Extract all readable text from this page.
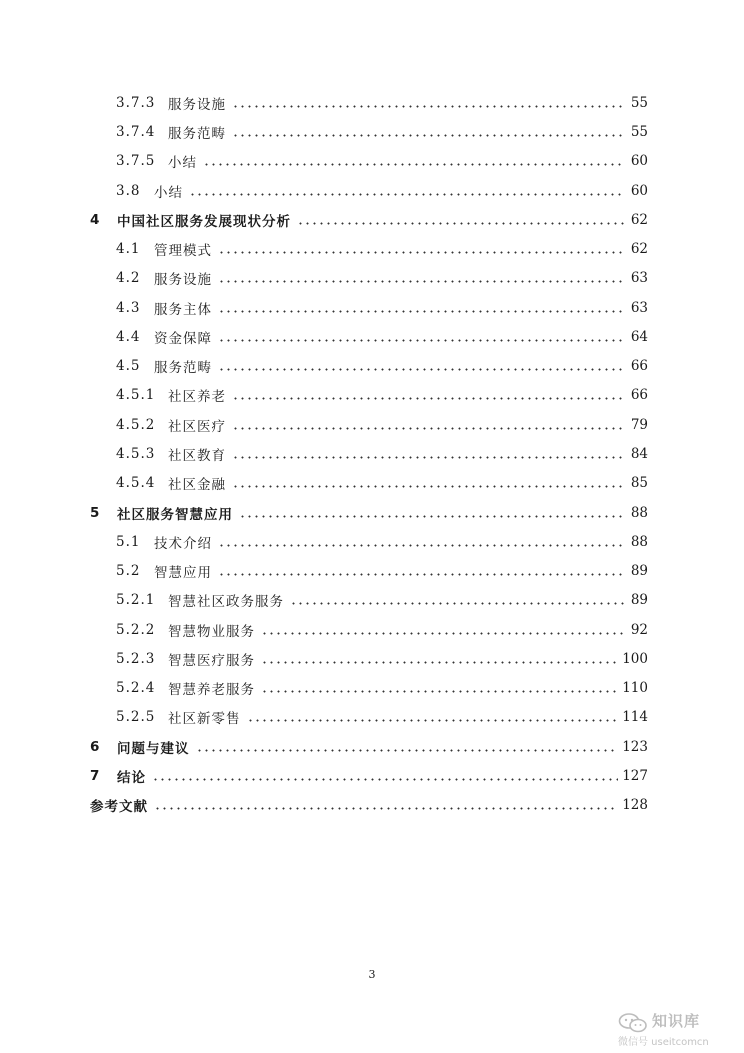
3.7.3 服务设施	55
3.7.4 服务范畴	55
3.7.5 小结	60
3.8	小结	60
4	中国社区服务发展现状分析	62
4.1	管理模式	62
4.2	服务设施	63
4.3	服务主体	63
4.4	资金保障	64
4.5	服务范畴	66
4.5.1 社区养老	66
4.5.2 社区医疗	79
4.5.3 社区教育	84
4.5.4 社区金融	85
5	社区服务智慧应用	88
5.1	技术介绍	88
5.2	智慧应用	89
5.2.1 智慧社区政务服务	89
5.2.2 智慧物业服务	92
5.2.3 智慧医疗服务	100
5.2.4 智慧养老服务	110
5.2.5 社区新零售	114
6	问题与建议	123
7	结论	127
参考文献	128
3
知识库
微信号 useitcomcn
